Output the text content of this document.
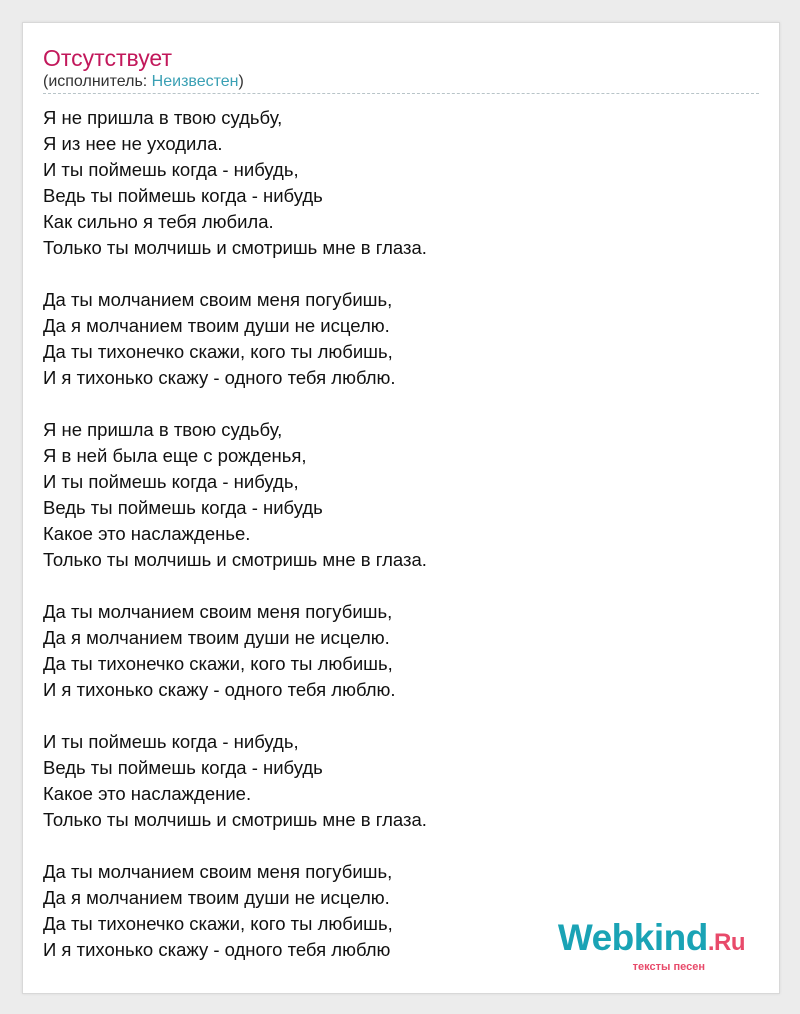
Отсутствует
(исполнитель: Неизвестен)
Я не пришла в твою судьбу,
Я из нее не уходила.
И ты поймешь когда - нибудь,
Ведь ты поймешь когда - нибудь
Как сильно я тебя любила.
Только ты молчишь и смотришь мне в глаза.
Да ты молчанием своим меня погубишь,
Да я молчанием твоим души не исцелю.
Да ты тихонечко скажи, кого ты любишь,
И я тихонько скажу - одного тебя люблю.
Я не пришла в твою судьбу,
Я в ней была еще с рожденья,
И ты поймешь когда - нибудь,
Ведь ты поймешь когда - нибудь
Какое это наслажденье.
Только ты молчишь и смотришь мне в глаза.
Да ты молчанием своим меня погубишь,
Да я молчанием твоим души не исцелю.
Да ты тихонечко скажи, кого ты любишь,
И я тихонько скажу - одного тебя люблю.
И ты поймешь когда - нибудь,
Ведь ты поймешь когда - нибудь
Какое это наслаждение.
Только ты молчишь и смотришь мне в глаза.
Да ты молчанием своим меня погубишь,
Да я молчанием твоим души не исцелю.
Да ты тихонечко скажи, кого ты любишь,
И я тихонько скажу - одного тебя люблю	Webkind.Ru
тексты песен
